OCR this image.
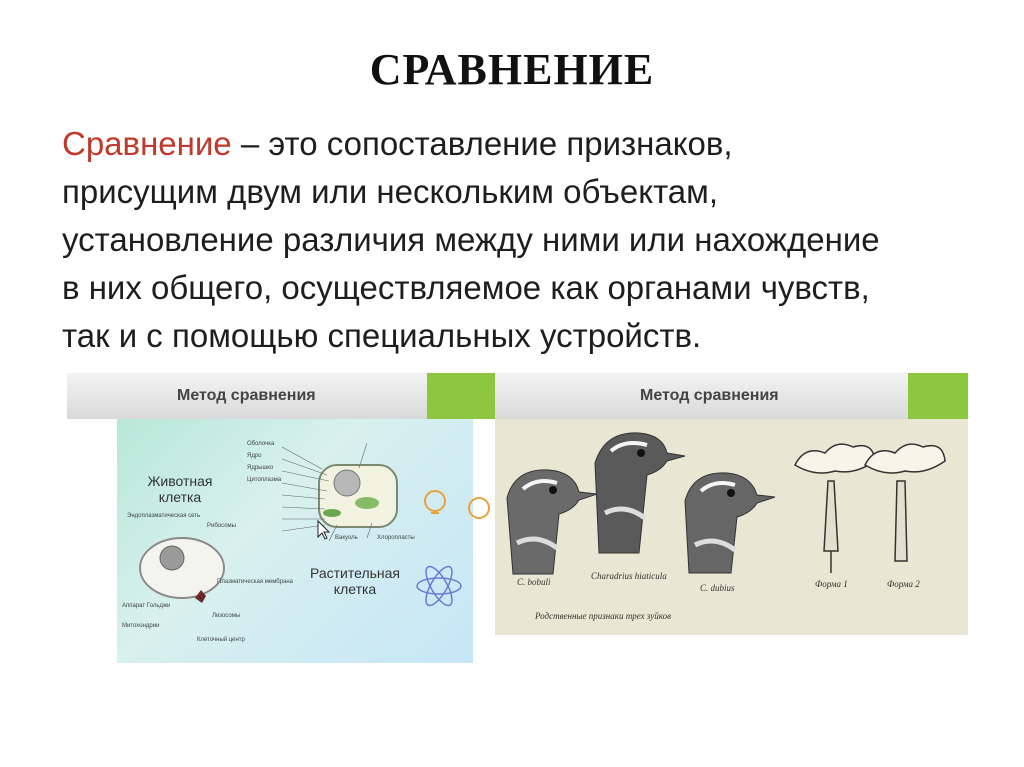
СРАВНЕНИЕ
Сравнение – это сопоставление признаков,
присущим двум или нескольким объектам,
установление различия между ними или нахождение
в них общего, осуществляемое как органами чувств,
так и с помощью специальных устройств.
Метод сравнения
Животная клетка
Растительная клетка
Оболочка
Ядро
Ядрышко
Цитоплазма
Вакуоль	Хлоропласты
Митохондрии
Рибосомы
Лизосомы
Аппарат Гольджи
Плазматическая мембрана
Эндоплазматическая сеть
Клеточный центр
Метод сравнения
С. bobuli
Charadrius hiaticula
C. dubius	Форма 1	Форма 2
Родственные признаки трех зуйков
